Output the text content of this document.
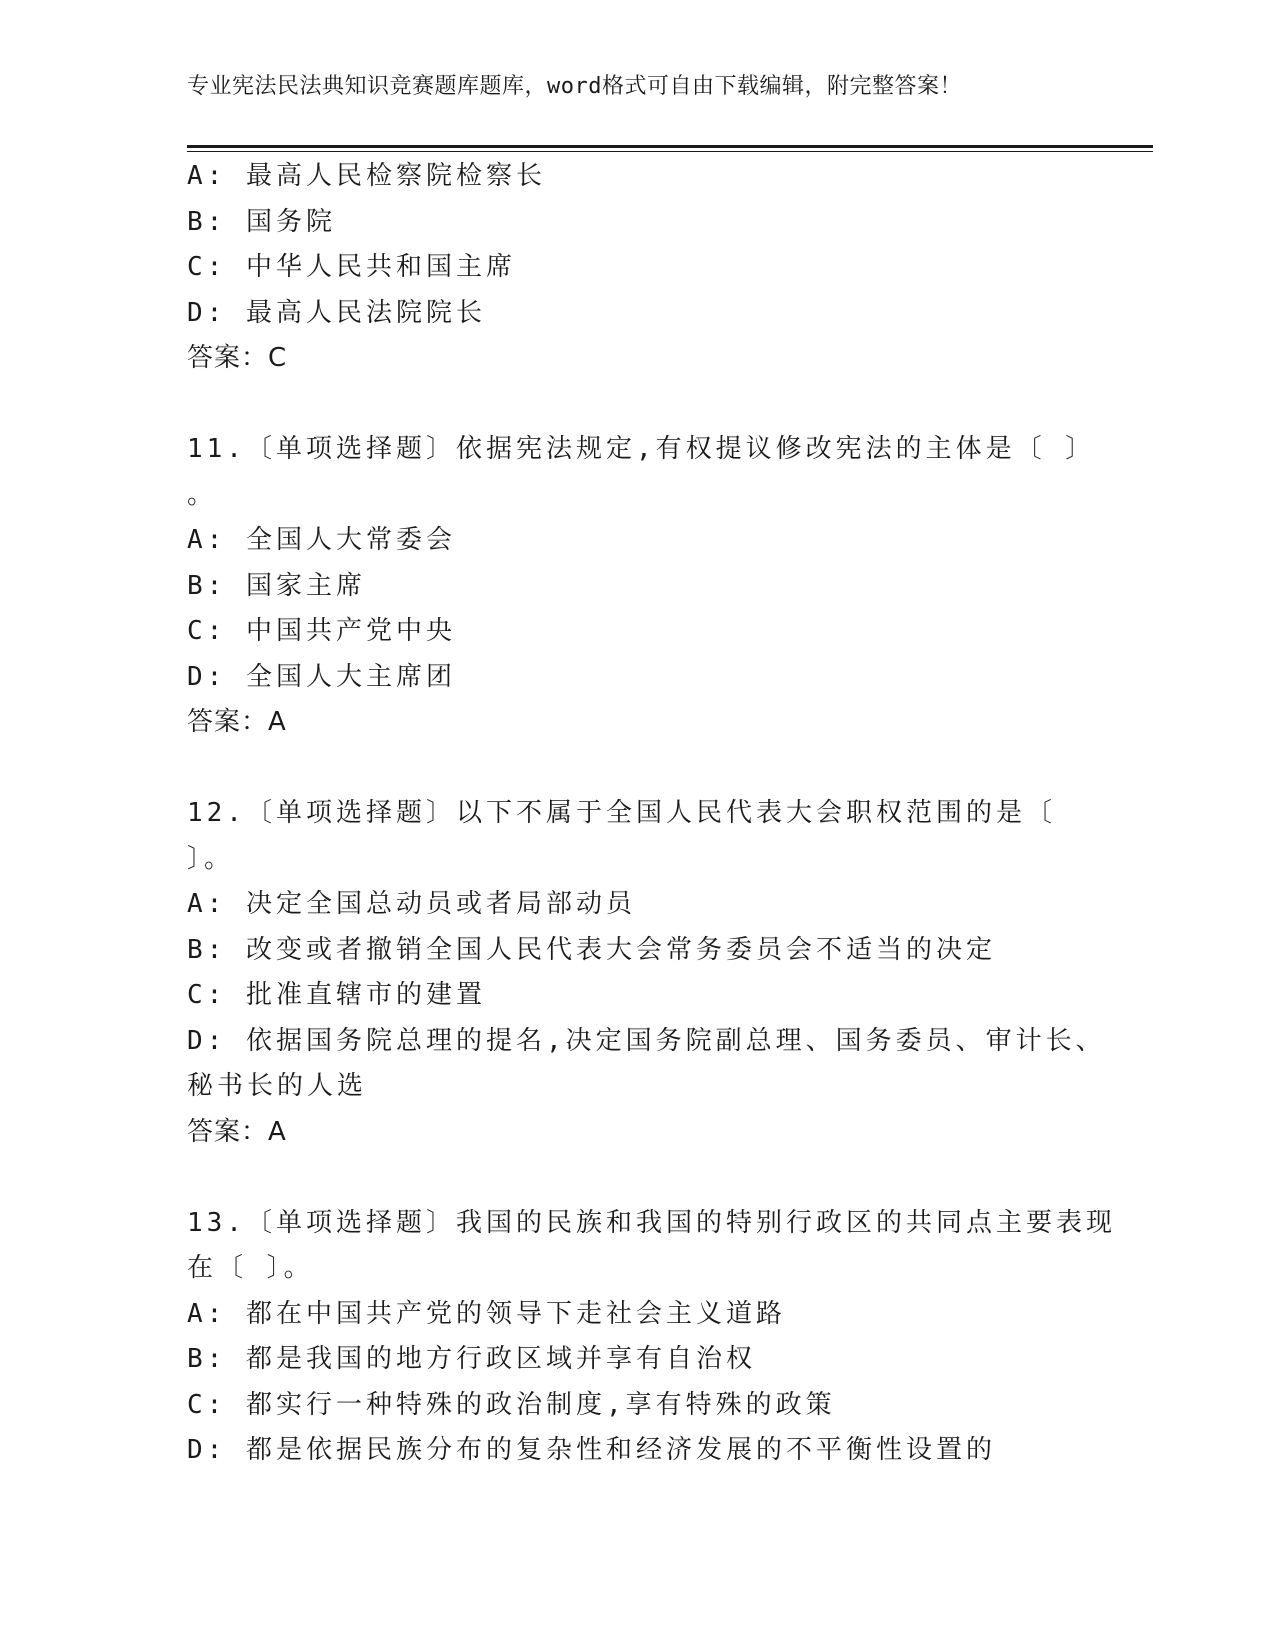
专业宪法民法典知识竞赛题库题库，word格式可自由下载编辑，附完整答案！
A: 最高人民检察院检察长
B: 国务院
C: 中华人民共和国主席
D: 最高人民法院院长
答案：C
11.〔单项选择题〕依据宪法规定,有权提议修改宪法的主体是〔 〕
。
A: 全国人大常委会
B: 国家主席
C: 中国共产党中央
D: 全国人大主席团
答案：A
12.〔单项选择题〕以下不属于全国人民代表大会职权范围的是〔
〕。
A: 决定全国总动员或者局部动员
B: 改变或者撤销全国人民代表大会常务委员会不适当的决定
C: 批准直辖市的建置
D: 依据国务院总理的提名,决定国务院副总理、国务委员、审计长、
秘书长的人选
答案：A
13.〔单项选择题〕我国的民族和我国的特别行政区的共同点主要表现
在〔 〕。
A: 都在中国共产党的领导下走社会主义道路
B: 都是我国的地方行政区域并享有自治权
C: 都实行一种特殊的政治制度,享有特殊的政策
D: 都是依据民族分布的复杂性和经济发展的不平衡性设置的
